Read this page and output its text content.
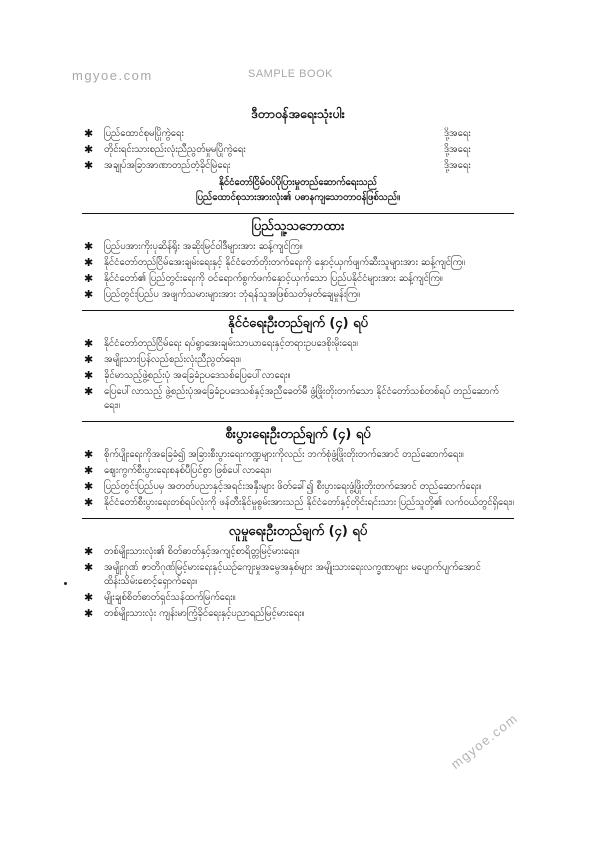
mgyoe.com	SAMPLE BOOK
mgyoe.com
ဒီတာဝန်အရေးသုံးပါး
✱	ပြည်ထောင်စုမပြိုကွဲရေး	ဒို့အရေး
✱	တိုင်းရင်းသားစည်းလုံးညီညွတ်မှုမပြိုကွဲရေး	ဒို့အရေး
✱	အချုပ်အခြာအာဏာတည်တံ့ခိုင်မြဲရေး	ဒို့အရေး
နိုင်ငံတော်ငြိမ်ဝပ်ပိုပြားမှုတည်ဆောက်ရေးသည်
ပြည်ထောင်စုသားအားလုံး၏ ပဓာနကျသောတာဝန်ဖြစ်သည်။
ပြည်သူ့သဘောထား
✱	ပြည်ပအားကိုးပုဆိန်ရိုး အဆိုးမြင်ဝါဒီများအား ဆန့်ကျင်ကြ။
✱	နိုင်ငံတော်တည်ငြိမ်အေးချမ်းရေးနှင့် နိုင်ငံတော်တိုးတက်ရေးကို နှောင့်ယှက်ဖျက်ဆီးသူများအား ဆန့်ကျင်ကြ။
✱	နိုင်ငံတော်၏ ပြည်တွင်းရေးကို ဝင်ရောက်စွက်ဖက်နှောင့်ယှက်သော ပြည်ပနိုင်ငံများအား ဆန့်ကျင်ကြ။
✱	ပြည်တွင်းပြည်ပ အဖျက်သမားများအား ဘုံရန်သူအဖြစ်သတ်မှတ်ချေမှုန်းကြ။
နိုင်ငံရေးဦးတည်ချက် (၄) ရပ်
✱	နိုင်ငံတော်တည်ငြိမ်ရေး ရပ်ရွာအေးချမ်းသာယာရေးနှင့်တရားဥပဒေစိုးမိုးရေး။
✱	အမျိုးသားပြန်လည်စည်းလုံးညီညွတ်ရေး။
✱	ခိုင်မာသည့်ဖွဲ့စည်းပုံ အခြေခံဥပဒေသစ်ပြေပေါ်လာရေး။
✱	ပြေပေါ်လာသည့် ဖွဲ့စည်းပုံအခြေခံဥပဒေသစ်နှင့်အညီခေတ်မီ ဖွံ့ဖြိုးတိုးတက်သော နိုင်ငံတော်သစ်တစ်ရပ် တည်ဆောက်ရေး။
စီးပွားရေးဦးတည်ချက် (၄) ရပ်
✱	စိုက်ပျိုးရေးကိုအခြေခံ၍ အခြားစီးပွားရေးကဏ္ဍများကိုလည်း ဘက်စုံဖွံ့ဖြိုးတိုးတက်အောင် တည်ဆောက်ရေး။
✱	ဈေးကွက်စီးပွားရေးစနစ်ပီပြင်စွာ ဖြစ်ပေါ်လာရေး။
✱	ပြည်တွင်းပြည်ပမှ အတတ်ပညာနှင့်အရင်းအနှီးများ ဖိတ်ခေါ်၍ စီးပွားရေးဖွံ့ဖြိုးတိုးတက်အောင် တည်ဆောက်ရေး။
✱	နိုင်ငံတော်စီးပွားရေးတစ်ရပ်လုံးကို ဖန်တီးနိုင်မှုစွမ်းအားသည် နိုင်ငံတော်နှင့်တိုင်းရင်းသား ပြည်သူတို့၏ လက်ဝယ်တွင်ရှိရေး။
လူမှုရေးဦးတည်ချက် (၄) ရပ်
✱	တစ်မျိုးသားလုံး၏ စိတ်ဓာတ်နှင့်အကျင့်စာရိတ္တမြင့်မားရေး။
✱	အမျိုးဂုဏ် ဇာတိဂုဏ်မြင့်မားရေးနှင့်ယဉ်ကျေးမှုအမွေအနှစ်များ အမျိုးသားရေးလက္ခဏာများ မပျောက်ပျက်အောင် ထိန်းသိမ်းစောင့်ရှောက်ရေး။
✱	မျိုးချစ်စိတ်ဓာတ်ရှင်သန်ထက်မြက်ရေး။
✱	တစ်မျိုးသားလုံး ကျန်းမာကြံ့ခိုင်ရေးနှင့်ပညာရည်မြင့်မားရေး။
